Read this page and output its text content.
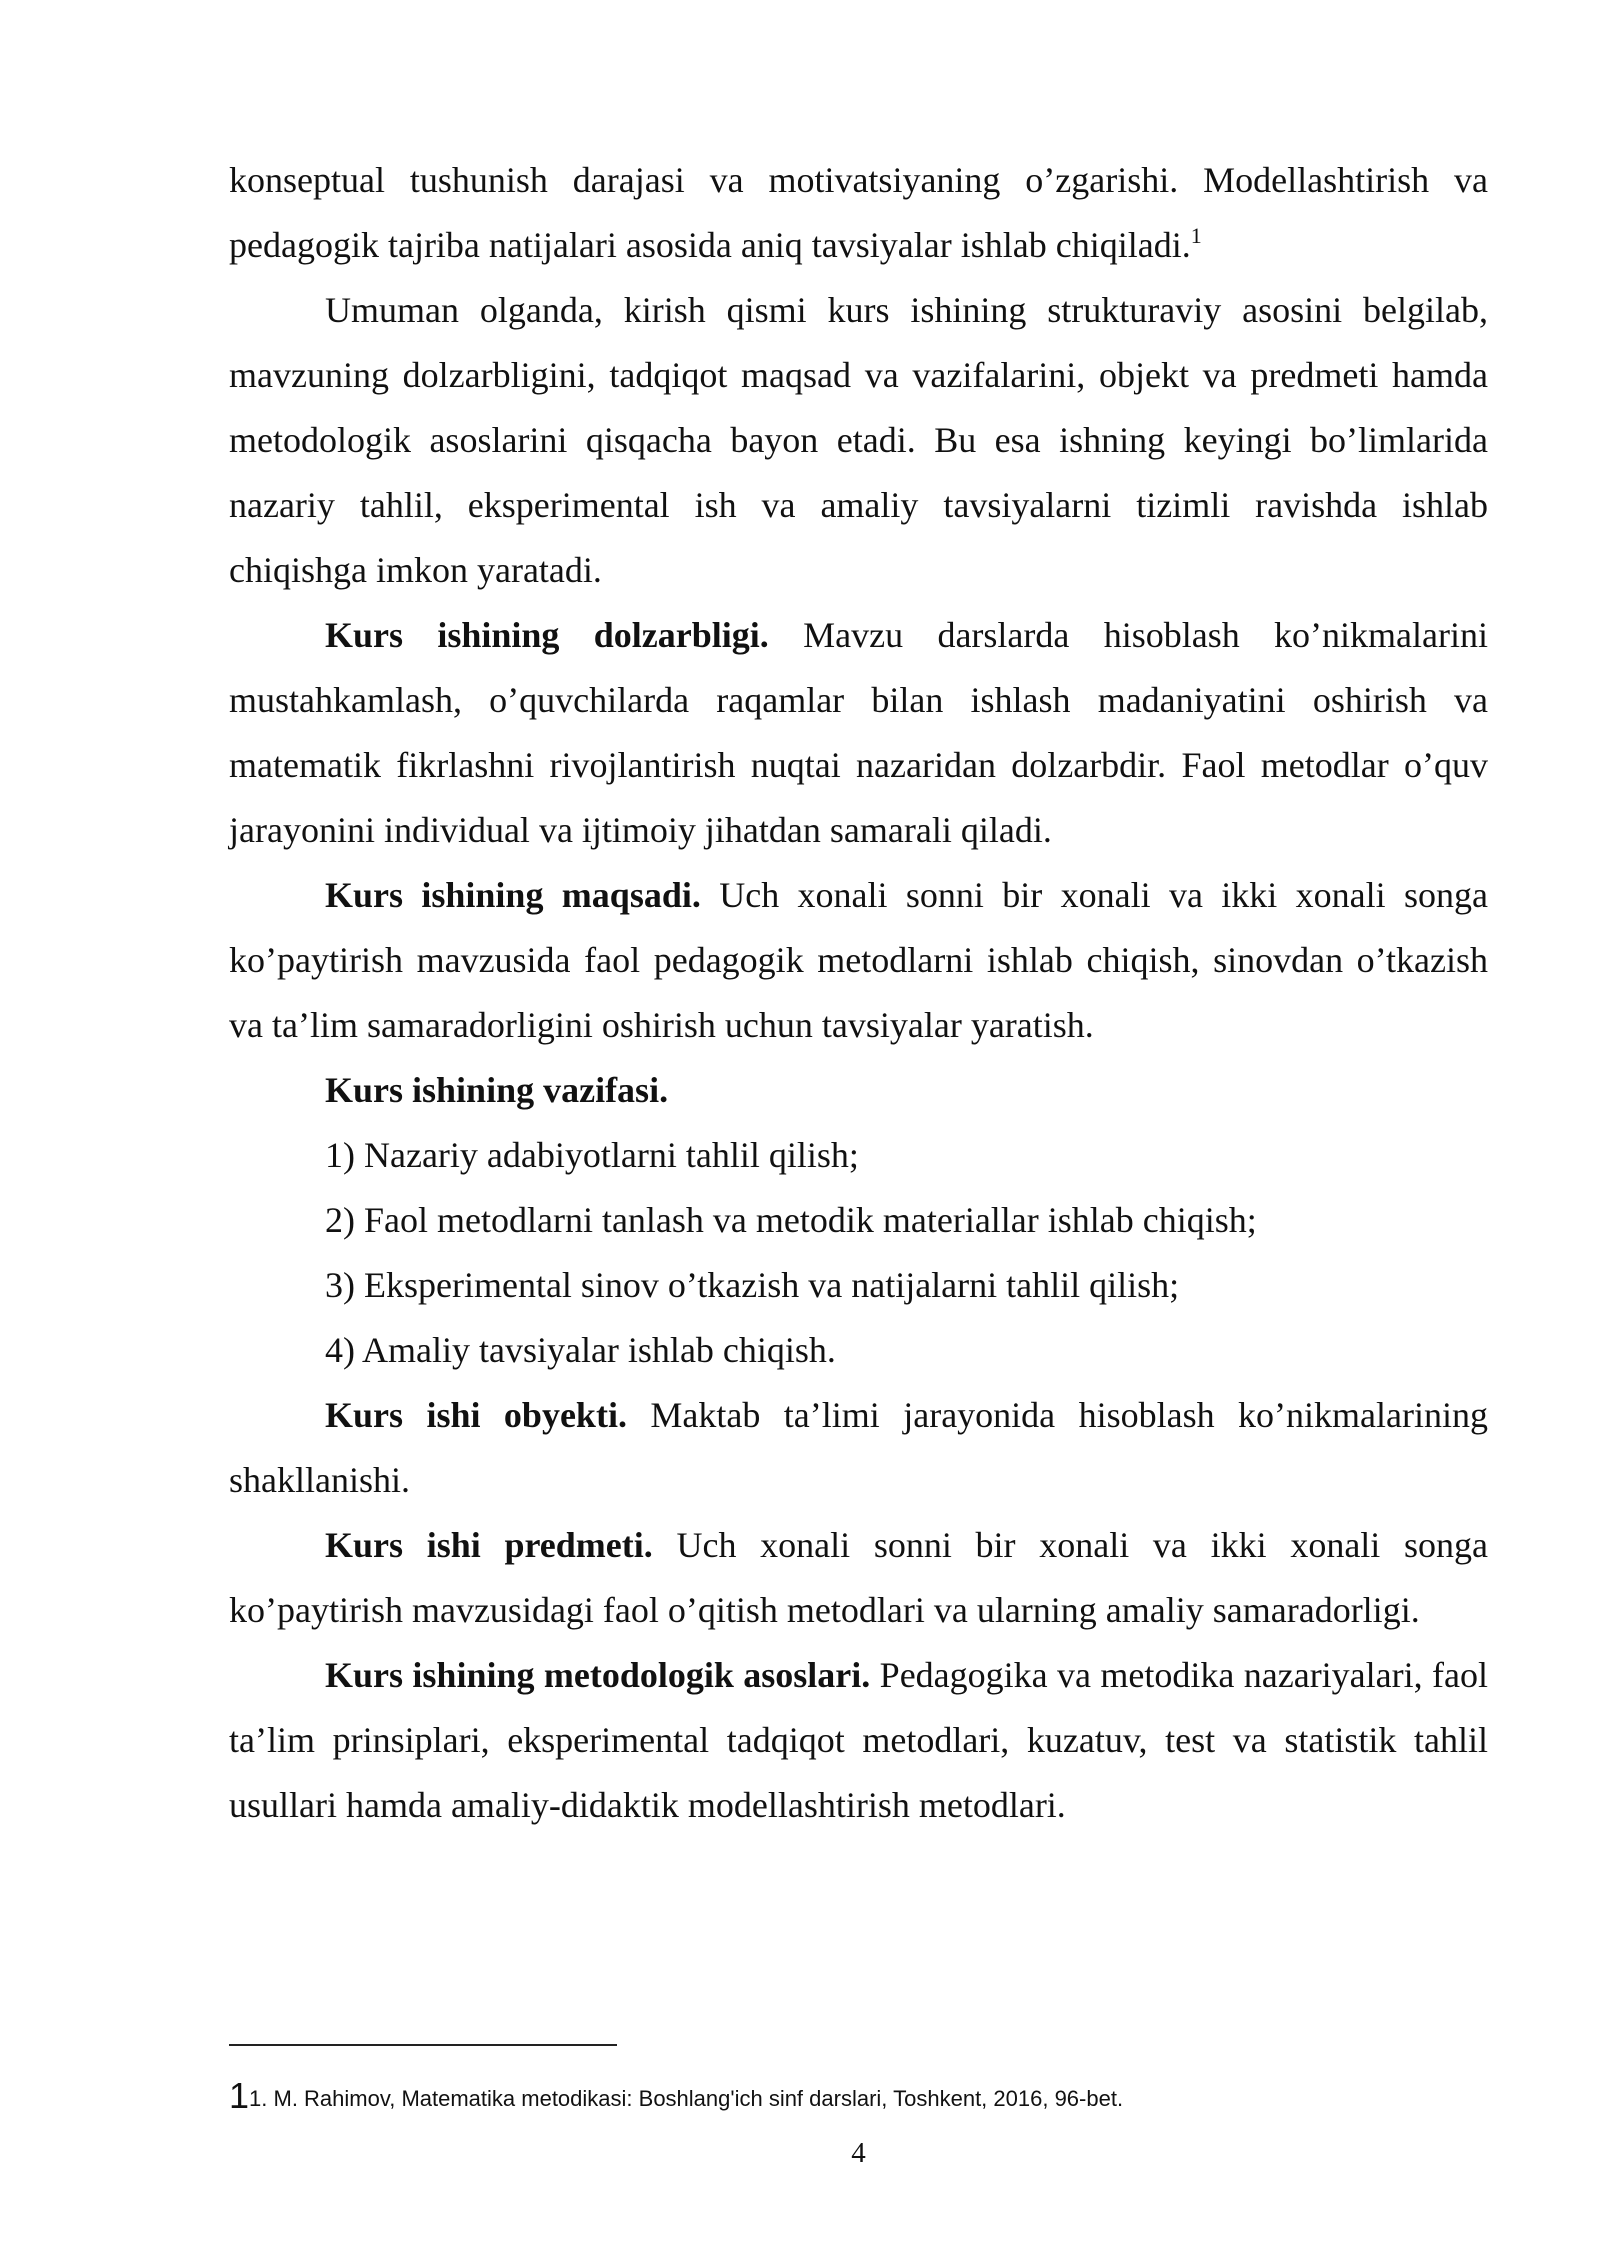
konseptual tushunish darajasi va motivatsiyaning o’zgarishi. Modellashtirish va pedagogik tajriba natijalari asosida aniq tavsiyalar ishlab chiqiladi.$^1$

Umuman olganda, kirish qismi kurs ishining strukturaviy asosini belgilab, mavzuning dolzarbligini, tadqiqot maqsad va vazifalarini, objekt va predmeti hamda metodologik asoslarini qisqacha bayon etadi. Bu esa ishning keyingi bo’limlarida nazariy tahlil, eksperimental ish va amaliy tavsiyalarni tizimli ravishda ishlab chiqishga imkon yaratadi.

Kurs ishining dolzarbligi. Mavzu darslarda hisoblash ko’nikmalarini mustahkamlash, o’quvchilarda raqamlar bilan ishlash madaniyatini oshirish va matematik fikrlashni rivojlantirish nuqtai nazaridan dolzarbdir. Faol metodlar o’quv jarayonini individual va ijtimoiy jihatdan samarali qiladi.

Kurs ishining maqsadi. Uch xonali sonni bir xonali va ikki xonali songa ko’paytirish mavzusida faol pedagogik metodlarni ishlab chiqish, sinovdan o’tkazish va ta’lim samaradorligini oshirish uchun tavsiyalar yaratish.

Kurs ishining vazifasi.

1) Nazariy adabiyotlarni tahlil qilish;

2) Faol metodlarni tanlash va metodik materiallar ishlab chiqish;

3) Eksperimental sinov o’tkazish va natijalarni tahlil qilish;

4) Amaliy tavsiyalar ishlab chiqish.

Kurs ishi obyekti. Maktab ta’limi jarayonida hisoblash ko’nikmalarining shakllanishi.

Kurs ishi predmeti. Uch xonali sonni bir xonali va ikki xonali songa ko’paytirish mavzusidagi faol o’qitish metodlari va ularning amaliy samaradorligi.

Kurs ishining metodologik asoslari. Pedagogika va metodika nazariyalari, faol ta’lim prinsiplari, eksperimental tadqiqot metodlari, kuzatuv, test va statistik tahlil usullari hamda amaliy-didaktik modellashtirish metodlari.

11. M. Rahimov, Matematika metodikasi: Boshlang'ich sinf darslari, Toshkent, 2016, 96-bet.
4
